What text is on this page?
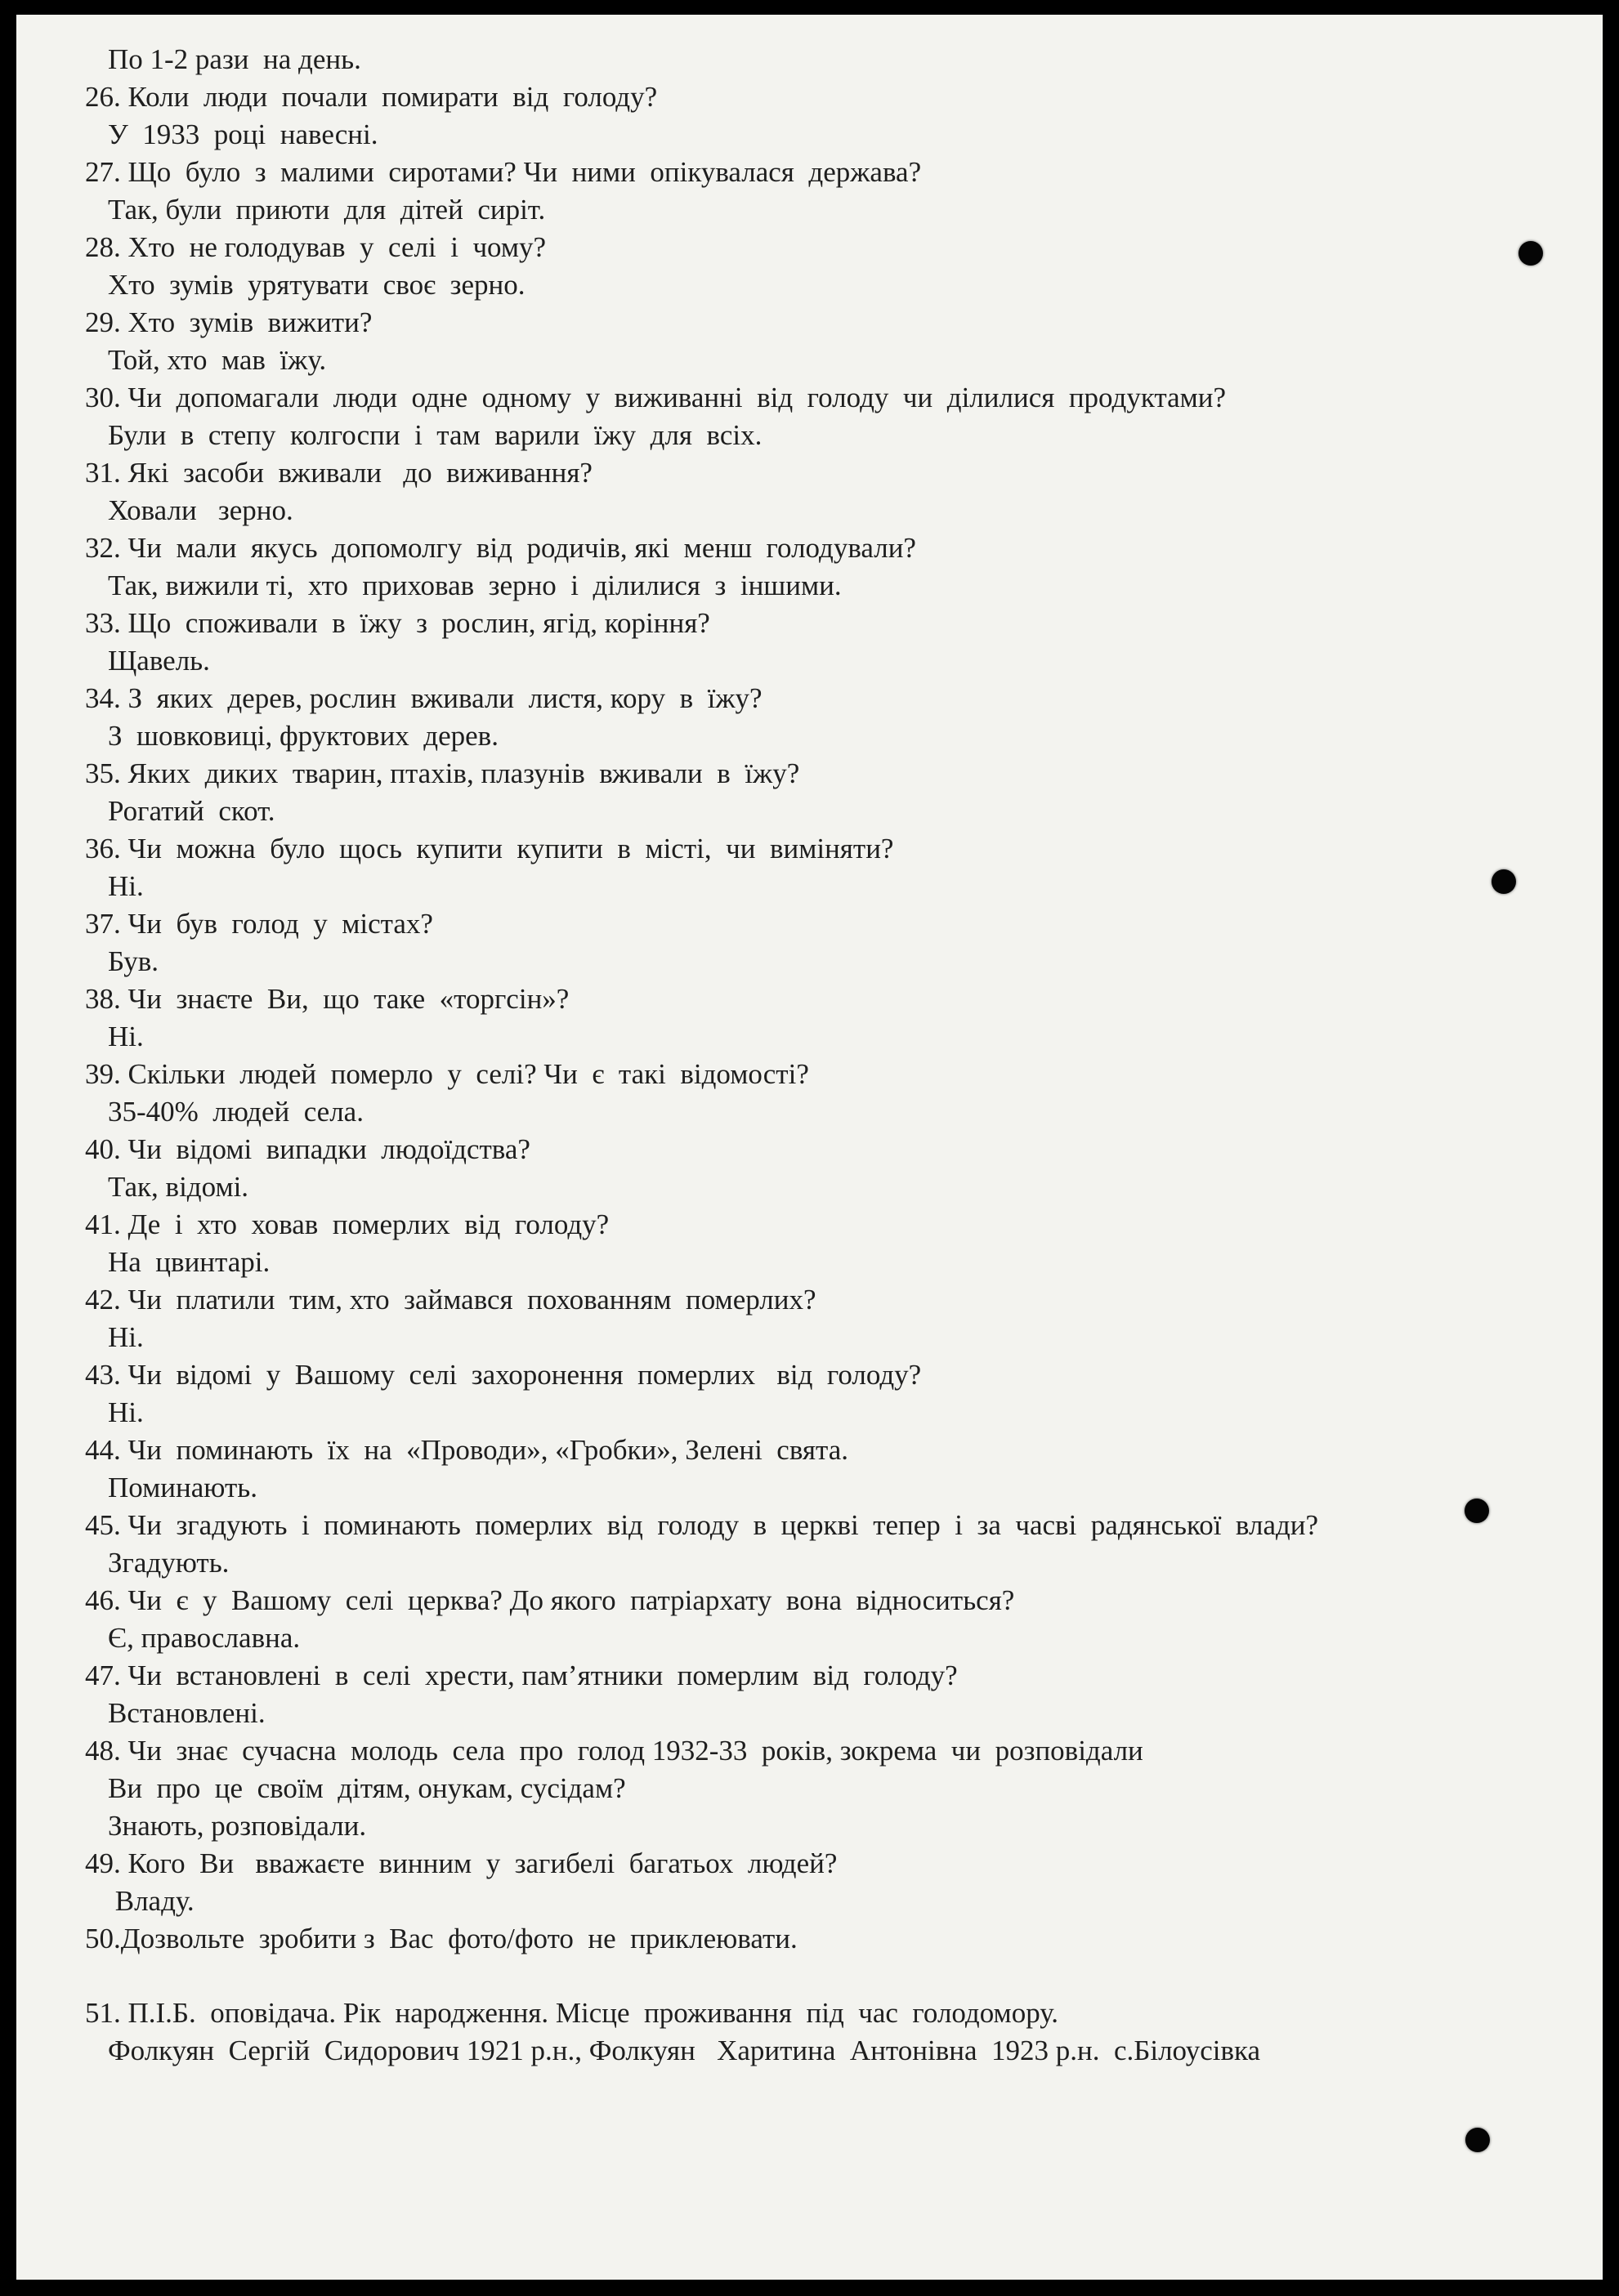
По 1-2 рази  на день.
26. Коли  люди  почали  помирати  від  голоду?
У  1933  році  навесні.
27. Що  було  з  малими  сиротами? Чи  ними  опікувалася  держава?
Так, були  приюти  для  дітей  сиріт.
28. Хто  не голодував  у  селі  і  чому?
Хто  зумів  урятувати  своє  зерно.
29. Хто  зумів  вижити?
Той, хто  мав  їжу.
30. Чи  допомагали  люди  одне  одному  у  виживанні  від  голоду  чи  ділилися  продуктами?
Були  в  степу  колгоспи  і  там  варили  їжу  для  всіх.
31. Які  засоби  вживали   до  виживання?
Ховали   зерно.
32. Чи  мали  якусь  допомолгу  від  родичів, які  менш  голодували?
Так, вижили ті,  хто  приховав  зерно  і  ділилися  з  іншими.
33. Що  споживали  в  їжу  з  рослин, ягід, коріння?
Щавель.
34. З  яких  дерев, рослин  вживали  листя, кору  в  їжу?
З  шовковиці, фруктових  дерев.
35. Яких  диких  тварин, птахів, плазунів  вживали  в  їжу?
Рогатий  скот.
36. Чи  можна  було  щось  купити  купити  в  місті,  чи  виміняти?
Ні.
37. Чи  був  голод  у  містах?
Був.
38. Чи  знаєте  Ви,  що  таке  «торгсін»?
Ні.
39. Скільки  людей  померло  у  селі? Чи  є  такі  відомості?
35-40%  людей  села.
40. Чи  відомі  випадки  людоїдства?
Так, відомі.
41. Де  і  хто  ховав  померлих  від  голоду?
На  цвинтарі.
42. Чи  платили  тим, хто  займався  похованням  померлих?
Ні.
43. Чи  відомі  у  Вашому  селі  захоронення  померлих   від  голоду?
Ні.
44. Чи  поминають  їх  на  «Проводи», «Гробки», Зелені  свята.
Поминають.
45. Чи  згадують  і  поминають  померлих  від  голоду  в  церкві  тепер  і  за  часві  радянської  влади?
Згадують.
46. Чи  є  у  Вашому  селі  церква? До якого  патріархату  вона  відноситься?
Є, православна.
47. Чи  встановлені  в  селі  хрести, пам’ятники  померлим  від  голоду?
Встановлені.
48. Чи  знає  сучасна  молодь  села  про  голод 1932-33  років, зокрема  чи  розповідали
Ви  про  це  своїм  дітям, онукам, сусідам?
Знають, розповідали.
49. Кого  Ви   вважаєте  винним  у  загибелі  багатьох  людей?
Владу.
50.Дозвольте  зробити з  Вас  фото/фото  не  приклеювати.
51. П.І.Б.  оповідача. Рік  народження. Місце  проживання  під  час  голодомору.
Фолкуян  Сергій  Сидорович 1921 р.н., Фолкуян   Харитина  Антонівна  1923 р.н.  с.Білоусівка
